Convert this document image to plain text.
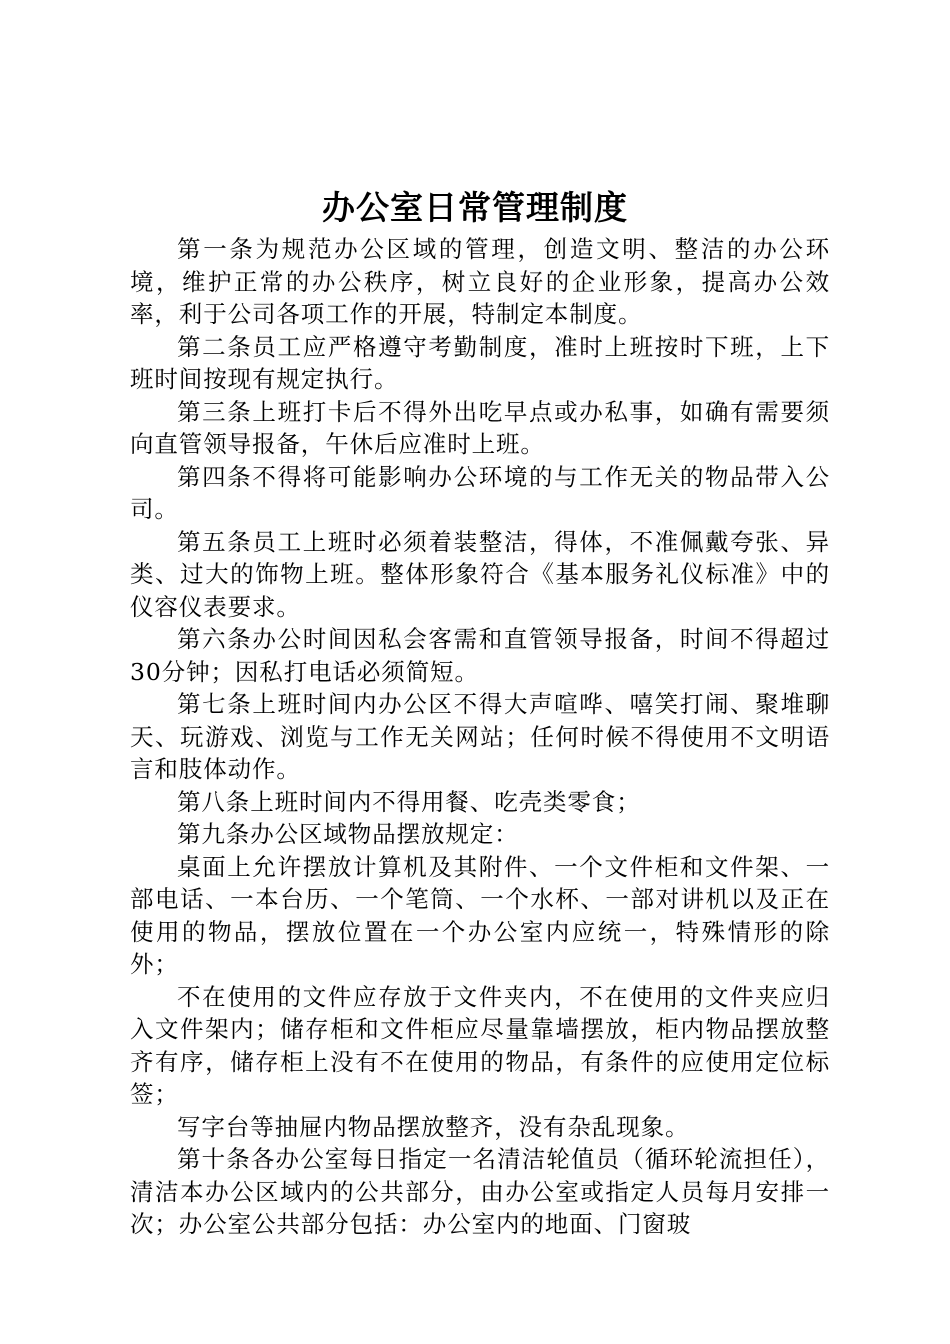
办公室日常管理制度

第一条为规范办公区域的管理，创造文明、整洁的办公环境，维护正常的办公秩序，树立良好的企业形象，提高办公效率，利于公司各项工作的开展，特制定本制度。

第二条员工应严格遵守考勤制度，准时上班按时下班，上下班时间按现有规定执行。

第三条上班打卡后不得外出吃早点或办私事，如确有需要须向直管领导报备，午休后应准时上班。

第四条不得将可能影响办公环境的与工作无关的物品带入公司。

第五条员工上班时必须着装整洁，得体，不准佩戴夸张、异类、过大的饰物上班。整体形象符合《基本服务礼仪标准》中的仪容仪表要求。

第六条办公时间因私会客需和直管领导报备，时间不得超过30分钟；因私打电话必须简短。

第七条上班时间内办公区不得大声喧哗、嘻笑打闹、聚堆聊天、玩游戏、浏览与工作无关网站；任何时候不得使用不文明语言和肢体动作。

第八条上班时间内不得用餐、吃壳类零食；

第九条办公区域物品摆放规定：

桌面上允许摆放计算机及其附件、一个文件柜和文件架、一部电话、一本台历、一个笔筒、一个水杯、一部对讲机以及正在使用的物品，摆放位置在一个办公室内应统一，特殊情形的除外；

不在使用的文件应存放于文件夹内，不在使用的文件夹应归入文件架内；储存柜和文件柜应尽量靠墙摆放，柜内物品摆放整齐有序，储存柜上没有不在使用的物品，有条件的应使用定位标签；

写字台等抽屉内物品摆放整齐，没有杂乱现象。

第十条各办公室每日指定一名清洁轮值员（循环轮流担任），清洁本办公区域内的公共部分，由办公室或指定人员每月安排一次；办公室公共部分包括：办公室内的地面、门窗玻
